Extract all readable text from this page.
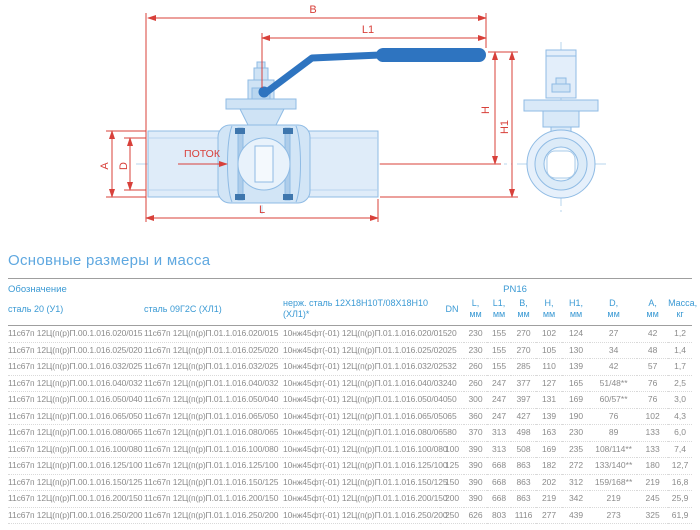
B
L1
L
H
H1
A D
ПОТОК
Основные размеры и масса
Обозначение			PN16								
сталь 20 (У1)	сталь 09Г2С (ХЛ1)	нерж. сталь 12Х18Н10Т/08Х18Н10 (ХЛ1)*	DN	L,
мм	L1,
мм	B,
мм	H,
мм	H1,
мм	D,
мм	A,
мм	Масса,
кг

11с67п 12Ц(п(р)П.00.1.016.020/015	11с67п 12Ц(п(р)П.01.1.016.020/015	10нж45фт(-01) 12Ц(п(р)П.01.1.016.020/015	20	230	155	270	102	124	27	42	1,2
11с67п 12Ц(п(р)П.00.1.016.025/020	11с67п 12Ц(п(р)П.01.1.016.025/020	10нж45фт(-01) 12Ц(п(р)П.01.1.016.025/020	25	230	155	270	105	130	34	48	1,4
11с67п 12Ц(п(р)П.00.1.016.032/025	11с67п 12Ц(п(р)П.01.1.016.032/025	10нж45фт(-01) 12Ц(п(р)П.01.1.016.032/025	32	260	155	285	110	139	42	57	1,7
11с67п 12Ц(п(р)П.00.1.016.040/032	11с67п 12Ц(п(р)П.01.1.016.040/032	10нж45фт(-01) 12Ц(п(р)П.01.1.016.040/032	40	260	247	377	127	165	51/48**	76	2,5
11с67п 12Ц(п(р)П.00.1.016.050/040	11с67п 12Ц(п(р)П.01.1.016.050/040	10нж45фт(-01) 12Ц(п(р)П.01.1.016.050/040	50	300	247	397	131	169	60/57**	76	3,0
11с67п 12Ц(п(р)П.00.1.016.065/050	11с67п 12Ц(п(р)П.01.1.016.065/050	10нж45фт(-01) 12Ц(п(р)П.01.1.016.065/050	65	360	247	427	139	190	76	102	4,3
11с67п 12Ц(п(р)П.00.1.016.080/065	11с67п 12Ц(п(р)П.01.1.016.080/065	10нж45фт(-01) 12Ц(п(р)П.01.1.016.080/065	80	370	313	498	163	230	89	133	6,0
11с67п 12Ц(п(р)П.00.1.016.100/080	11с67п 12Ц(п(р)П.01.1.016.100/080	10нж45фт(-01) 12Ц(п(р)П.01.1.016.100/080	100	390	313	508	169	235	108/114**	133	7,4
11с67п 12Ц(п(р)П.00.1.016.125/100	11с67п 12Ц(п(р)П.01.1.016.125/100	10нж45фт(-01) 12Ц(п(р)П.01.1.016.125/100	125	390	668	863	182	272	133/140**	180	12,7
11с67п 12Ц(п(р)П.00.1.016.150/125	11с67п 12Ц(п(р)П.01.1.016.150/125	10нж45фт(-01) 12Ц(п(р)П.01.1.016.150/125	150	390	668	863	202	312	159/168**	219	16,8
11с67п 12Ц(п(р)П.00.1.016.200/150	11с67п 12Ц(п(р)П.01.1.016.200/150	10нж45фт(-01) 12Ц(п(р)П.01.1.016.200/150	200	390	668	863	219	342	219	245	25,9
11с67п 12Ц(п(р)П.00.1.016.250/200	11с67п 12Ц(п(р)П.01.1.016.250/200	10нж45фт(-01) 12Ц(п(р)П.01.1.016.250/200	250	626	803	1116	277	439	273	325	61,9
